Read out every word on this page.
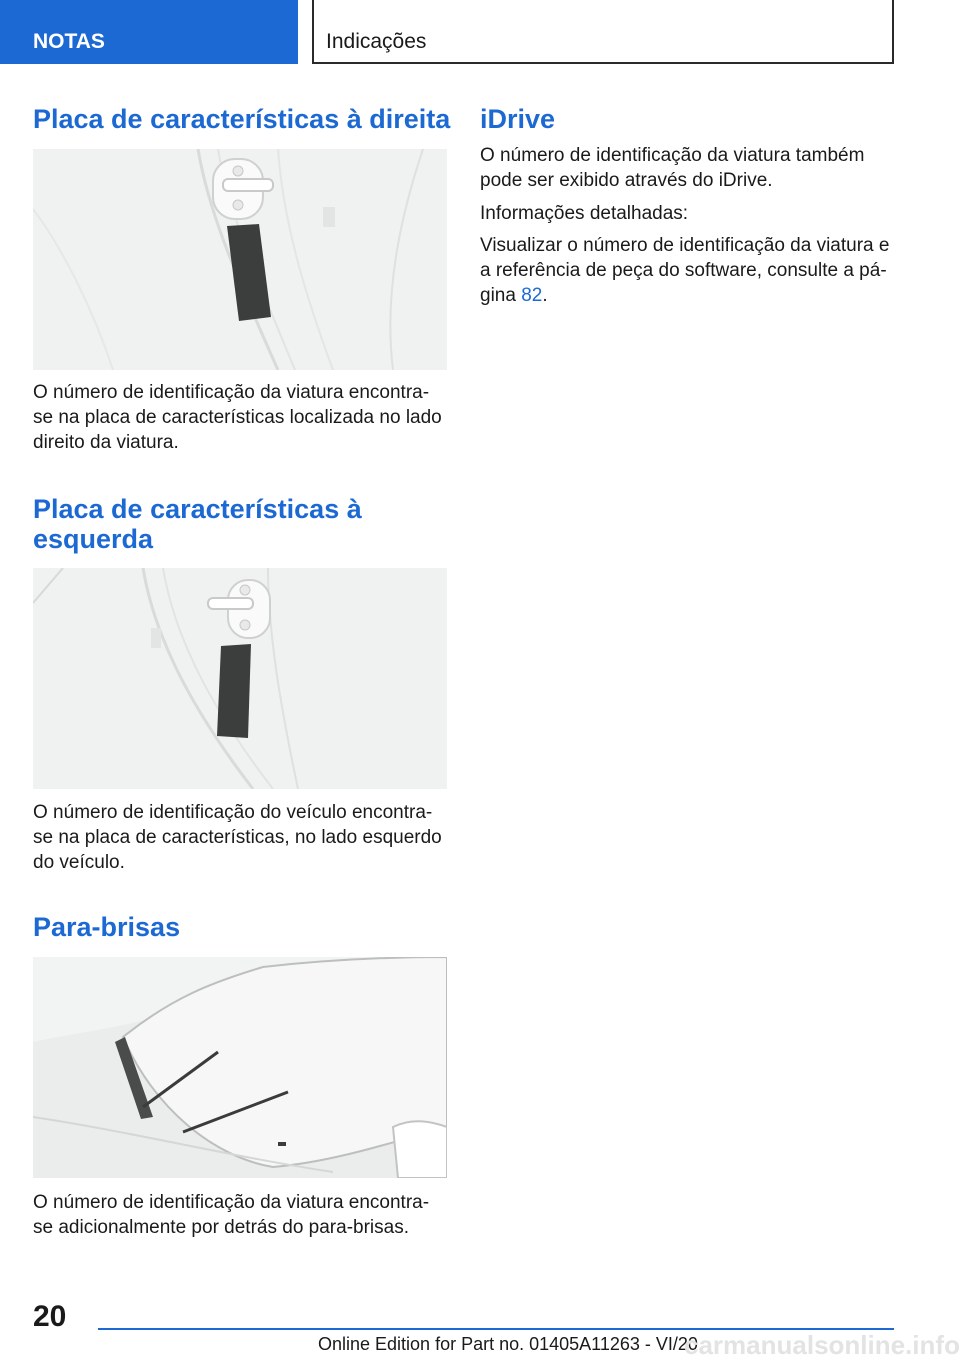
NOTAS	Indicações
Placa de características à direita

O número de identificação da viatura encontra-se na placa de características localizada no lado direito da viatura.

Placa de características à
esquerda

O número de identificação do veículo encontra-se na placa de características, no lado esquerdo do veículo.

Para-brisas

O número de identificação da viatura encontra-se adicionalmente por detrás do para-brisas.

iDrive

O número de identificação da viatura também pode ser exibido através do iDrive.

Informações detalhadas:

Visualizar o número de identificação da viatura e a referência de peça do software, consulte a página 82.

20
Online Edition for Part no. 01405A11263 - VI/20
carmanualsonline.info
